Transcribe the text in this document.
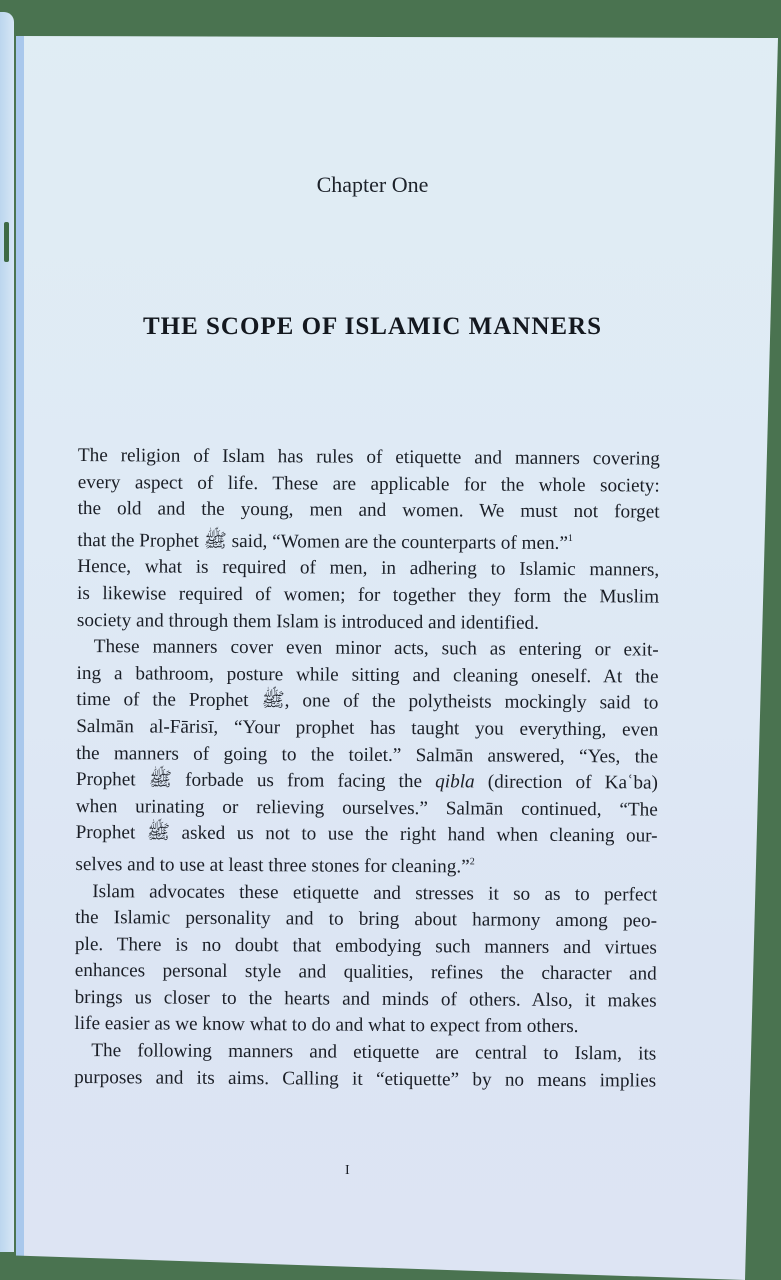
Chapter One
THE SCOPE OF ISLAMIC MANNERS
The religion of Islam has rules of etiquette and manners covering
every aspect of life. These are applicable for the whole society:
the old and the young, men and women. We must not forget
that the Prophet ﷺ said, “Women are the counterparts of men.”$^1$
Hence, what is required of men, in adhering to Islamic manners,
is likewise required of women; for together they form the Muslim
society and through them Islam is introduced and identified.
These manners cover even minor acts, such as entering or exit-
ing a bathroom, posture while sitting and cleaning oneself. At the
time of the Prophet ﷺ, one of the polytheists mockingly said to
Salmān al-Fārisī, “Your prophet has taught you everything, even
the manners of going to the toilet.” Salmān answered, “Yes, the
Prophet ﷺ forbade us from facing the qibla (direction of Kaʿba)
when urinating or relieving ourselves.” Salmān continued, “The
Prophet ﷺ asked us not to use the right hand when cleaning our-
selves and to use at least three stones for cleaning.”$^2$
Islam advocates these etiquette and stresses it so as to perfect
the Islamic personality and to bring about harmony among peo-
ple. There is no doubt that embodying such manners and virtues
enhances personal style and qualities, refines the character and
brings us closer to the hearts and minds of others. Also, it makes
life easier as we know what to do and what to expect from others.
The following manners and etiquette are central to Islam, its
purposes and its aims. Calling it “etiquette” by no means implies
I
